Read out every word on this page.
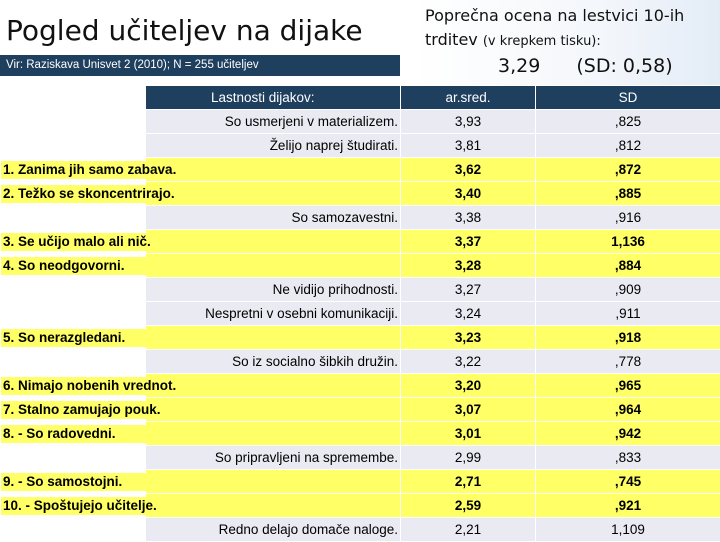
Pogled učiteljev na dijake
Vir: Raziskava Unisvet 2 (2010); N = 255 učiteljev
Poprečna ocena na lestvici 10-ih trditev (v krepkem tisku):
3,29 (SD: 0,58)
Lastnosti dijakov:	ar.sred.	SD
So usmerjeni v materializem.	3,93	,825
Želijo naprej študirati.	3,81	,812

1. Zanima jih samo zabava.	3,62	,872

2. Težko se skoncentrirajo.	3,40	,885
So samozavestni.	3,38	,916

3. Se učijo malo ali nič.	3,37	1,136

4. So neodgovorni.	3,28	,884
Ne vidijo prihodnosti.	3,27	,909
Nespretni v osebni komunikaciji.	3,24	,911

5. So nerazgledani.	3,23	,918
So iz socialno šibkih družin.	3,22	,778

6. Nimajo nobenih vrednot.	3,20	,965

7. Stalno zamujajo pouk.	3,07	,964

8. - So radovedni.	3,01	,942
So pripravljeni na spremembe.	2,99	,833

9. - So samostojni.	2,71	,745

10. - Spoštujejo učitelje.	2,59	,921
Redno delajo domače naloge.	2,21	1,109
